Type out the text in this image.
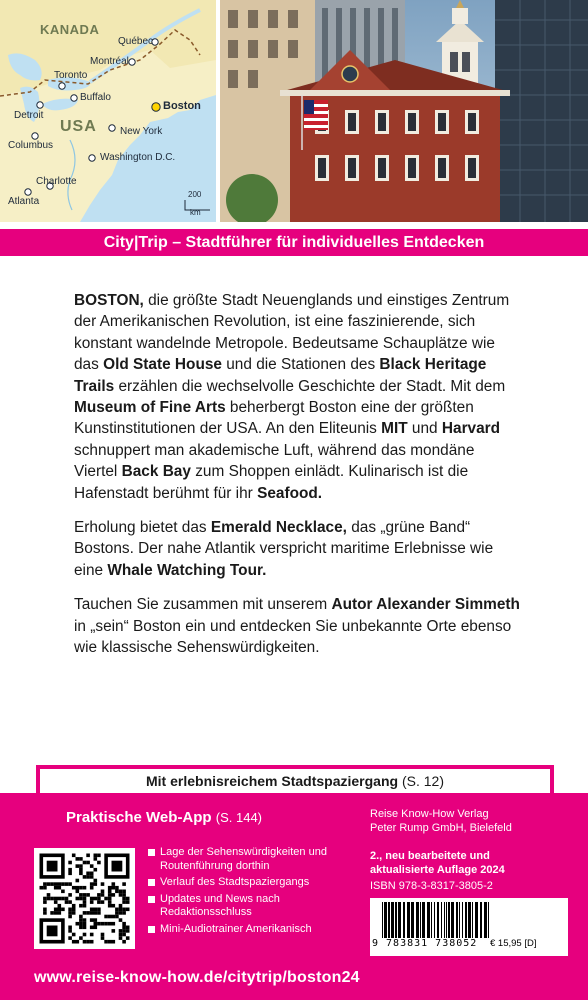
KANADA
USA
Québec
Montréal
Toronto
Buffalo
Detroit
Boston
New York
Columbus
Washington D.C.
Charlotte
Atlanta
200
km
City|Trip – Stadtführer für individuelles Entdecken

BOSTON, die größte Stadt Neuenglands und einstiges Zentrum der Amerikanischen Revolution, ist eine faszinierende, sich konstant wandelnde Metropole. Bedeutsame Schauplätze wie das Old State House und die Stationen des Black Heritage Trails erzählen die wechselvolle Geschichte der Stadt. Mit dem Museum of Fine Arts beherbergt Boston eine der größten Kunstinstitutionen der USA. An den Eliteunis MIT und Harvard schnuppert man akademische Luft, während das mondäne Viertel Back Bay zum Shoppen einlädt. Kulinarisch ist die Hafenstadt berühmt für ihr Seafood.

Erholung bietet das Emerald Necklace, das „grüne Band“ Bostons. Der nahe Atlantik verspricht maritime Erlebnisse wie eine Whale Watching Tour.

Tauchen Sie zusammen mit unserem Autor Alexander Simmeth in „sein“ Boston ein und entdecken Sie unbekannte Orte ebenso wie klassische Sehenswürdigkeiten.

Mit erlebnisreichem Stadtspaziergang (S. 12)
Praktische Web-App (S. 144)
Lage der Sehenswürdigkeiten und Routenführung dorthin
Verlauf des Stadtspaziergangs
Updates und News nach Redaktionsschluss
Mini-Audiotrainer Amerikanisch
Reise Know-How Verlag
Peter Rump GmbH, Bielefeld
2., neu bearbeitete und
aktualisierte Auflage 2024
ISBN 978-3-8317-3805-2
9 783831 738052 € 15,95 [D]
www.reise-know-how.de/citytrip/boston24
